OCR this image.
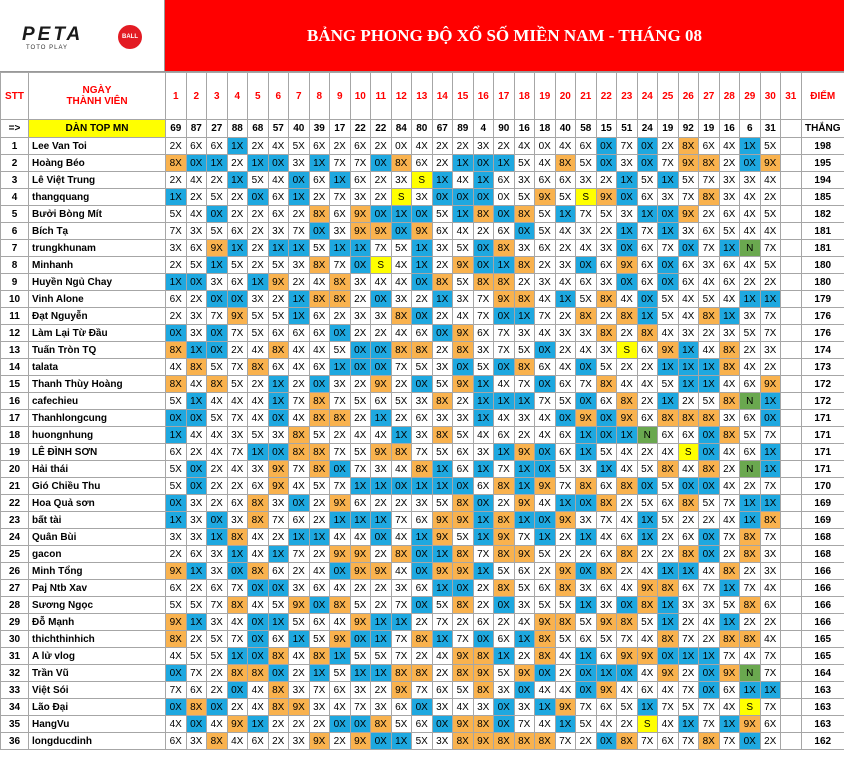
PETA	BALL
TOTO PLAY
BẢNG PHONG ĐỘ XỔ SỐ MIỀN NAM - THÁNG 08
STT	NGÀY
THÀNH VIÊN	1	2	3	4	5	6	7	8	9	10	11	12	13	14	15	16	17	18	19	20	21	22	23	24	25	26	27	28	29	30	31	ĐIỂM
=>	DÀN TOP MN	69	87	27	88	68	57	40	39	17	22	22	84	80	67	89	4	90	16	18	40	58	15	51	24	19	92	19	16	6	31		THẮNG
1	Lee Van Toi	2X	6X	6X	1X	2X	4X	5X	6X	2X	6X	2X	0X	4X	2X	2X	3X	2X	4X	0X	4X	6X	0X	7X	0X	2X	8X	6X	4X	1X	5X		198
2	Hoàng Béo	8X	0X	1X	2X	1X	0X	3X	1X	7X	7X	0X	8X	6X	2X	1X	0X	1X	5X	4X	8X	5X	0X	3X	0X	7X	9X	8X	2X	0X	9X		195
3	Lê Việt Trung	2X	4X	2X	1X	5X	4X	0X	6X	1X	6X	2X	3X	S	1X	4X	1X	6X	3X	6X	6X	3X	2X	1X	5X	1X	5X	7X	3X	3X	4X		194
4	thangquang	1X	2X	5X	2X	0X	6X	1X	2X	7X	3X	2X	S	3X	0X	0X	0X	0X	5X	9X	5X	S	9X	0X	6X	3X	7X	8X	3X	4X	2X		185
5	Bưởi Bòng Mít	5X	4X	0X	2X	2X	6X	2X	8X	6X	9X	0X	1X	0X	5X	1X	8X	0X	8X	5X	1X	7X	5X	3X	1X	0X	9X	2X	6X	4X	5X		182
6	Bích Tạ	7X	3X	5X	6X	2X	3X	7X	0X	3X	9X	9X	0X	9X	6X	4X	2X	6X	0X	5X	4X	3X	2X	1X	7X	1X	3X	6X	5X	4X	4X		181
7	trungkhunam	3X	6X	9X	1X	2X	1X	1X	5X	1X	1X	7X	5X	1X	3X	5X	0X	8X	3X	6X	2X	4X	3X	0X	6X	7X	0X	7X	1X	N	7X		181
8	Minhanh	2X	5X	1X	5X	2X	5X	3X	8X	7X	0X	S	4X	1X	2X	9X	0X	1X	8X	2X	3X	0X	6X	9X	6X	0X	6X	3X	6X	4X	5X		180
9	Huyền Ngủ Chay	1X	0X	3X	6X	1X	9X	2X	4X	8X	3X	4X	4X	0X	8X	5X	8X	8X	2X	3X	4X	6X	3X	0X	6X	0X	6X	4X	6X	2X	2X		180
10	Vinh Alone	6X	2X	0X	0X	3X	2X	1X	8X	8X	2X	0X	3X	2X	1X	3X	7X	9X	8X	4X	1X	5X	8X	4X	0X	5X	4X	5X	4X	1X	1X		179
11	Đạt Nguyễn	2X	3X	7X	9X	5X	5X	1X	6X	2X	3X	3X	8X	0X	2X	4X	7X	0X	1X	7X	2X	8X	2X	8X	1X	5X	4X	8X	1X	3X	7X		176
12	Làm Lại Từ Đầu	0X	3X	0X	7X	5X	6X	6X	6X	0X	2X	2X	4X	6X	0X	9X	6X	7X	3X	4X	3X	3X	8X	2X	8X	4X	3X	2X	3X	5X	7X		176
13	Tuấn Tròn TQ	8X	1X	0X	2X	4X	8X	4X	4X	5X	0X	0X	8X	8X	2X	8X	3X	7X	5X	0X	2X	4X	3X	S	6X	9X	1X	4X	8X	2X	3X		174
14	talata	4X	8X	5X	7X	8X	6X	4X	6X	1X	0X	0X	7X	5X	3X	0X	5X	0X	8X	6X	4X	0X	5X	2X	2X	1X	1X	1X	8X	4X	2X		173
15	Thanh Thùy Hoàng	8X	4X	8X	5X	2X	1X	2X	0X	3X	2X	9X	2X	0X	5X	9X	1X	4X	7X	0X	6X	7X	8X	4X	4X	5X	1X	1X	4X	6X	9X		172
16	cafechieu	5X	1X	4X	4X	4X	1X	7X	8X	7X	5X	6X	5X	3X	8X	2X	1X	1X	1X	7X	5X	0X	6X	8X	2X	1X	2X	5X	8X	N	1X		172
17	Thanhlongcung	0X	0X	5X	7X	4X	0X	4X	8X	8X	2X	1X	2X	6X	3X	3X	1X	4X	3X	4X	0X	9X	0X	9X	6X	8X	8X	8X	3X	6X	0X		171
18	huongnhung	1X	4X	4X	3X	5X	3X	8X	5X	2X	4X	4X	1X	3X	8X	5X	4X	6X	2X	4X	6X	1X	0X	1X	N	6X	6X	0X	8X	5X	7X		171
19	LÊ ĐÌNH SƠN	6X	2X	4X	7X	1X	0X	8X	8X	7X	5X	9X	8X	7X	5X	6X	3X	1X	9X	0X	6X	1X	5X	4X	2X	4X	S	0X	4X	6X	1X		171
20	Hải thái	5X	0X	2X	4X	3X	9X	7X	8X	0X	7X	3X	4X	8X	1X	6X	1X	7X	1X	0X	5X	3X	1X	4X	5X	8X	4X	8X	2X	N	1X		171
21	Gió Chiều Thu	5X	0X	2X	2X	6X	9X	4X	5X	7X	1X	1X	0X	1X	1X	0X	6X	8X	1X	9X	7X	8X	6X	8X	0X	5X	0X	0X	4X	2X	7X		170
22	Hoa Quả sơn	0X	3X	2X	6X	8X	3X	0X	2X	9X	6X	2X	2X	3X	5X	8X	0X	2X	9X	4X	1X	0X	8X	2X	5X	6X	8X	5X	7X	1X	1X		169
23	bất tài	1X	3X	0X	3X	8X	7X	6X	2X	1X	1X	1X	7X	6X	9X	9X	1X	8X	1X	0X	9X	3X	7X	4X	1X	5X	2X	2X	4X	1X	8X		169
24	Quân Bùi	3X	3X	1X	8X	4X	2X	1X	1X	4X	4X	0X	4X	1X	9X	5X	1X	9X	7X	1X	2X	1X	4X	6X	1X	2X	6X	0X	7X	8X	7X		168
25	gacon	2X	6X	3X	1X	4X	1X	7X	2X	9X	9X	2X	8X	0X	1X	8X	7X	8X	9X	5X	2X	2X	6X	8X	2X	2X	8X	0X	2X	8X	3X		168
26	Minh Tổng	9X	1X	3X	0X	8X	6X	2X	4X	0X	9X	9X	4X	0X	9X	9X	1X	5X	6X	2X	9X	0X	8X	2X	4X	1X	1X	4X	8X	2X	3X		166
27	Paj Ntb Xav	6X	2X	6X	7X	0X	0X	3X	6X	4X	2X	2X	3X	6X	1X	0X	2X	8X	5X	6X	8X	3X	6X	4X	9X	8X	6X	7X	1X	7X	4X		166
28	Sương Ngọc	5X	5X	7X	8X	4X	5X	9X	0X	8X	5X	2X	7X	0X	5X	8X	2X	0X	3X	5X	5X	1X	3X	0X	8X	1X	3X	3X	5X	8X	6X		166
29	Đỗ Mạnh	9X	1X	3X	4X	0X	1X	5X	6X	4X	9X	1X	1X	2X	7X	2X	6X	2X	4X	9X	8X	5X	9X	8X	5X	1X	2X	4X	1X	2X	2X		166
30	thichthinhich	8X	2X	5X	7X	0X	6X	1X	5X	9X	0X	1X	7X	8X	1X	7X	0X	6X	1X	8X	5X	6X	5X	7X	4X	8X	7X	2X	8X	8X	4X		165
31	A lử vlog	4X	5X	5X	1X	0X	8X	4X	8X	1X	5X	5X	7X	2X	4X	9X	8X	1X	2X	8X	4X	1X	6X	9X	9X	0X	1X	1X	7X	4X	7X		165
32	Trần Vũ	0X	7X	2X	8X	8X	0X	2X	1X	5X	1X	1X	8X	8X	2X	8X	9X	5X	9X	0X	2X	0X	1X	0X	4X	9X	2X	0X	9X	N	7X		164
33	Việt Sói	7X	6X	2X	0X	4X	8X	3X	7X	6X	3X	2X	9X	7X	6X	5X	8X	3X	0X	4X	4X	0X	9X	4X	6X	4X	7X	0X	6X	1X	1X		163
34	Lão Đại	0X	8X	0X	2X	4X	8X	9X	3X	4X	7X	3X	6X	0X	3X	4X	3X	0X	3X	1X	9X	7X	6X	5X	1X	7X	5X	7X	4X	S	7X		163
35	HangVu	4X	0X	4X	9X	1X	2X	2X	2X	0X	0X	8X	5X	6X	0X	9X	8X	0X	7X	4X	1X	5X	4X	2X	S	4X	1X	7X	1X	9X	6X		163
36	longducdinh	6X	3X	8X	4X	6X	2X	3X	9X	2X	9X	0X	1X	5X	3X	8X	9X	8X	8X	8X	7X	2X	0X	8X	7X	6X	7X	8X	7X	0X	2X		162
